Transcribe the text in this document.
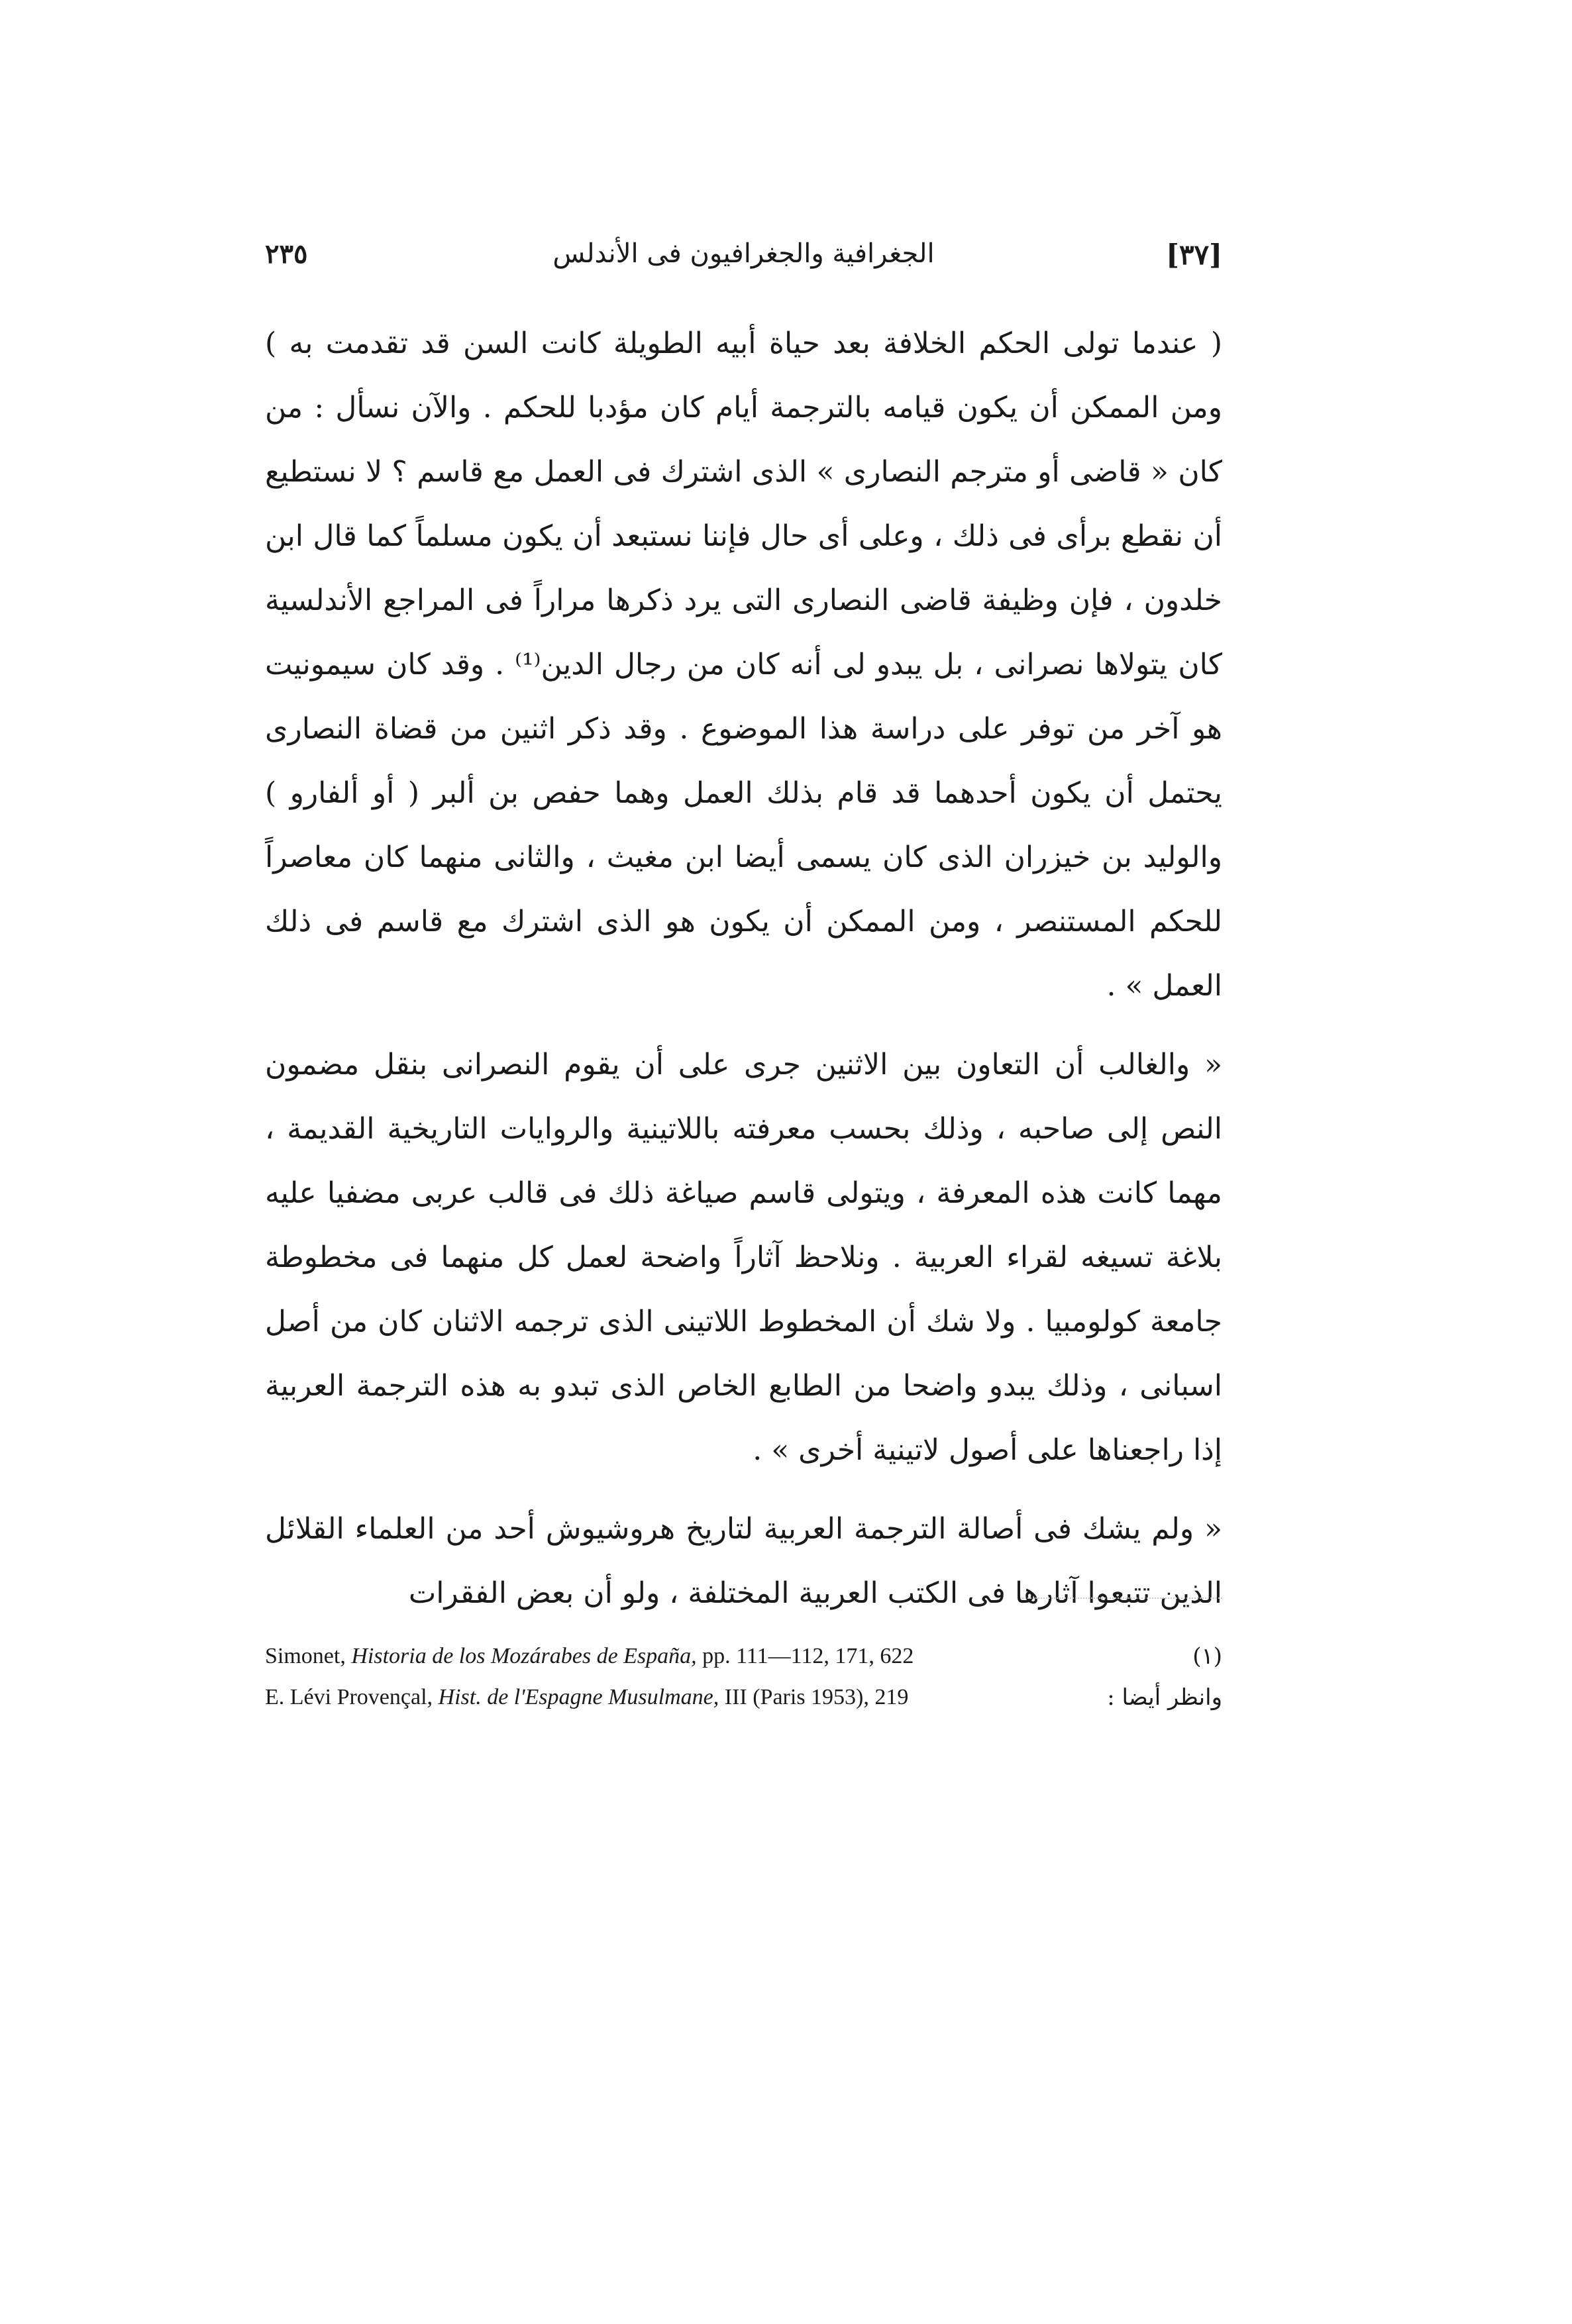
٢٣٥	الجغرافية والجغرافيون فى الأندلس	[٣٧]

( عندما تولى الحكم الخلافة بعد حياة أبيه الطويلة كانت السن قد تقدمت به ) ومن الممكن أن يكون قيامه بالترجمة أيام كان مؤدبا للحكم . والآن نسأل : من كان « قاضى أو مترجم النصارى » الذى اشترك فى العمل مع قاسم ؟ لا نستطيع أن نقطع برأى فى ذلك ، وعلى أى حال فإننا نستبعد أن يكون مسلماً كما قال ابن خلدون ، فإن وظيفة قاضى النصارى التى يرد ذكرها مراراً فى المراجع الأندلسية كان يتولاها نصرانى ، بل يبدو لى أنه كان من رجال الدين⁽¹⁾ . وقد كان سيمونيت هو آخر من توفر على دراسة هذا الموضوع . وقد ذكر اثنين من قضاة النصارى يحتمل أن يكون أحدهما قد قام بذلك العمل وهما حفص بن ألبر ( أو ألفارو ) والوليد بن خيزران الذى كان يسمى أيضا ابن مغيث ، والثانى منهما كان معاصراً للحكم المستنصر ، ومن الممكن أن يكون هو الذى اشترك مع قاسم فى ذلك العمل » .

« والغالب أن التعاون بين الاثنين جرى على أن يقوم النصرانى بنقل مضمون النص إلى صاحبه ، وذلك بحسب معرفته باللاتينية والروايات التاريخية القديمة ، مهما كانت هذه المعرفة ، ويتولى قاسم صياغة ذلك فى قالب عربى مضفيا عليه بلاغة تسيغه لقراء العربية . ونلاحظ آثاراً واضحة لعمل كل منهما فى مخطوطة جامعة كولومبيا . ولا شك أن المخطوط اللاتينى الذى ترجمه الاثنان كان من أصل اسبانى ، وذلك يبدو واضحا من الطابع الخاص الذى تبدو به هذه الترجمة العربية إذا راجعناها على أصول لاتينية أخرى » .

« ولم يشك فى أصالة الترجمة العربية لتاريخ هروشيوش أحد من العلماء القلائل الذين تتبعوا آثارها فى الكتب العربية المختلفة ، ولو أن بعض الفقرات

Simonet, Historia de los Mozárabes de España, pp. 111—112, 171, 622	(١)
E. Lévi Provençal, Hist. de l'Espagne Musulmane, III (Paris 1953), 219	وانظر أيضا :
